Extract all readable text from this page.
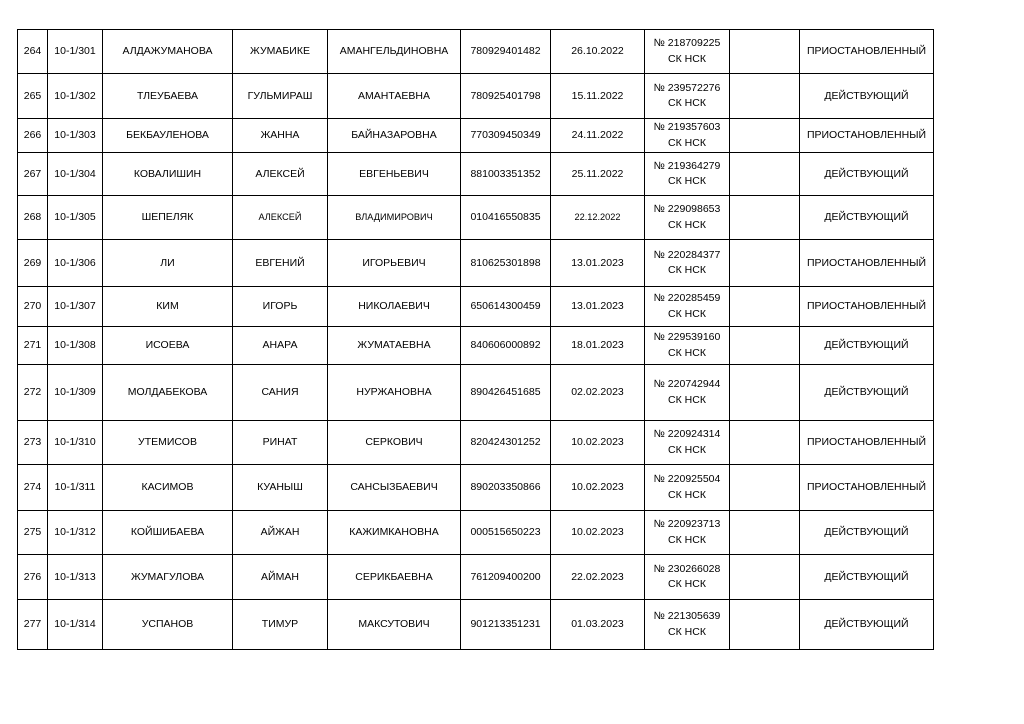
264	10-1/301	АЛДАЖУМАНОВА	ЖУМАБИКЕ	АМАНГЕЛЬДИНОВНА	780929401482	26.10.2022	№ 218709225
СК НСК		ПРИОСТАНОВЛЕННЫЙ
265	10-1/302	ТЛЕУБАЕВА	ГУЛЬМИРАШ	АМАНТАЕВНА	780925401798	15.11.2022	№ 239572276
СК НСК		ДЕЙСТВУЮЩИЙ
266	10-1/303	БЕКБАУЛЕНОВА	ЖАННА	БАЙНАЗАРОВНА	770309450349	24.11.2022	№ 219357603
СК НСК		ПРИОСТАНОВЛЕННЫЙ
267	10-1/304	КОВАЛИШИН	АЛЕКСЕЙ	ЕВГЕНЬЕВИЧ	881003351352	25.11.2022	№ 219364279
СК НСК		ДЕЙСТВУЮЩИЙ
268	10-1/305	ШЕПЕЛЯК	АЛЕКСЕЙ	ВЛАДИМИРОВИЧ	010416550835	22.12.2022	№ 229098653
СК НСК		ДЕЙСТВУЮЩИЙ
269	10-1/306	ЛИ	ЕВГЕНИЙ	ИГОРЬЕВИЧ	810625301898	13.01.2023	№ 220284377
СК НСК		ПРИОСТАНОВЛЕННЫЙ
270	10-1/307	КИМ	ИГОРЬ	НИКОЛАЕВИЧ	650614300459	13.01.2023	№ 220285459
СК НСК		ПРИОСТАНОВЛЕННЫЙ
271	10-1/308	ИСОЕВА	АНАРА	ЖУМАТАЕВНА	840606000892	18.01.2023	№ 229539160
СК НСК		ДЕЙСТВУЮЩИЙ
272	10-1/309	МОЛДАБЕКОВА	САНИЯ	НУРЖАНОВНА	890426451685	02.02.2023	№ 220742944
СК НСК		ДЕЙСТВУЮЩИЙ
273	10-1/310	УТЕМИСОВ	РИНАТ	СЕРКОВИЧ	820424301252	10.02.2023	№ 220924314
СК НСК		ПРИОСТАНОВЛЕННЫЙ
274	10-1/311	КАСИМОВ	КУАНЫШ	САНСЫЗБАЕВИЧ	890203350866	10.02.2023	№ 220925504
СК НСК		ПРИОСТАНОВЛЕННЫЙ
275	10-1/312	КОЙШИБАЕВА	АЙЖАН	КАЖИМКАНОВНА	000515650223	10.02.2023	№ 220923713
СК НСК		ДЕЙСТВУЮЩИЙ
276	10-1/313	ЖУМАГУЛОВА	АЙМАН	СЕРИКБАЕВНА	761209400200	22.02.2023	№ 230266028
СК НСК		ДЕЙСТВУЮЩИЙ
277	10-1/314	УСПАНОВ	ТИМУР	МАКСУТОВИЧ	901213351231	01.03.2023	№ 221305639
СК НСК		ДЕЙСТВУЮЩИЙ
